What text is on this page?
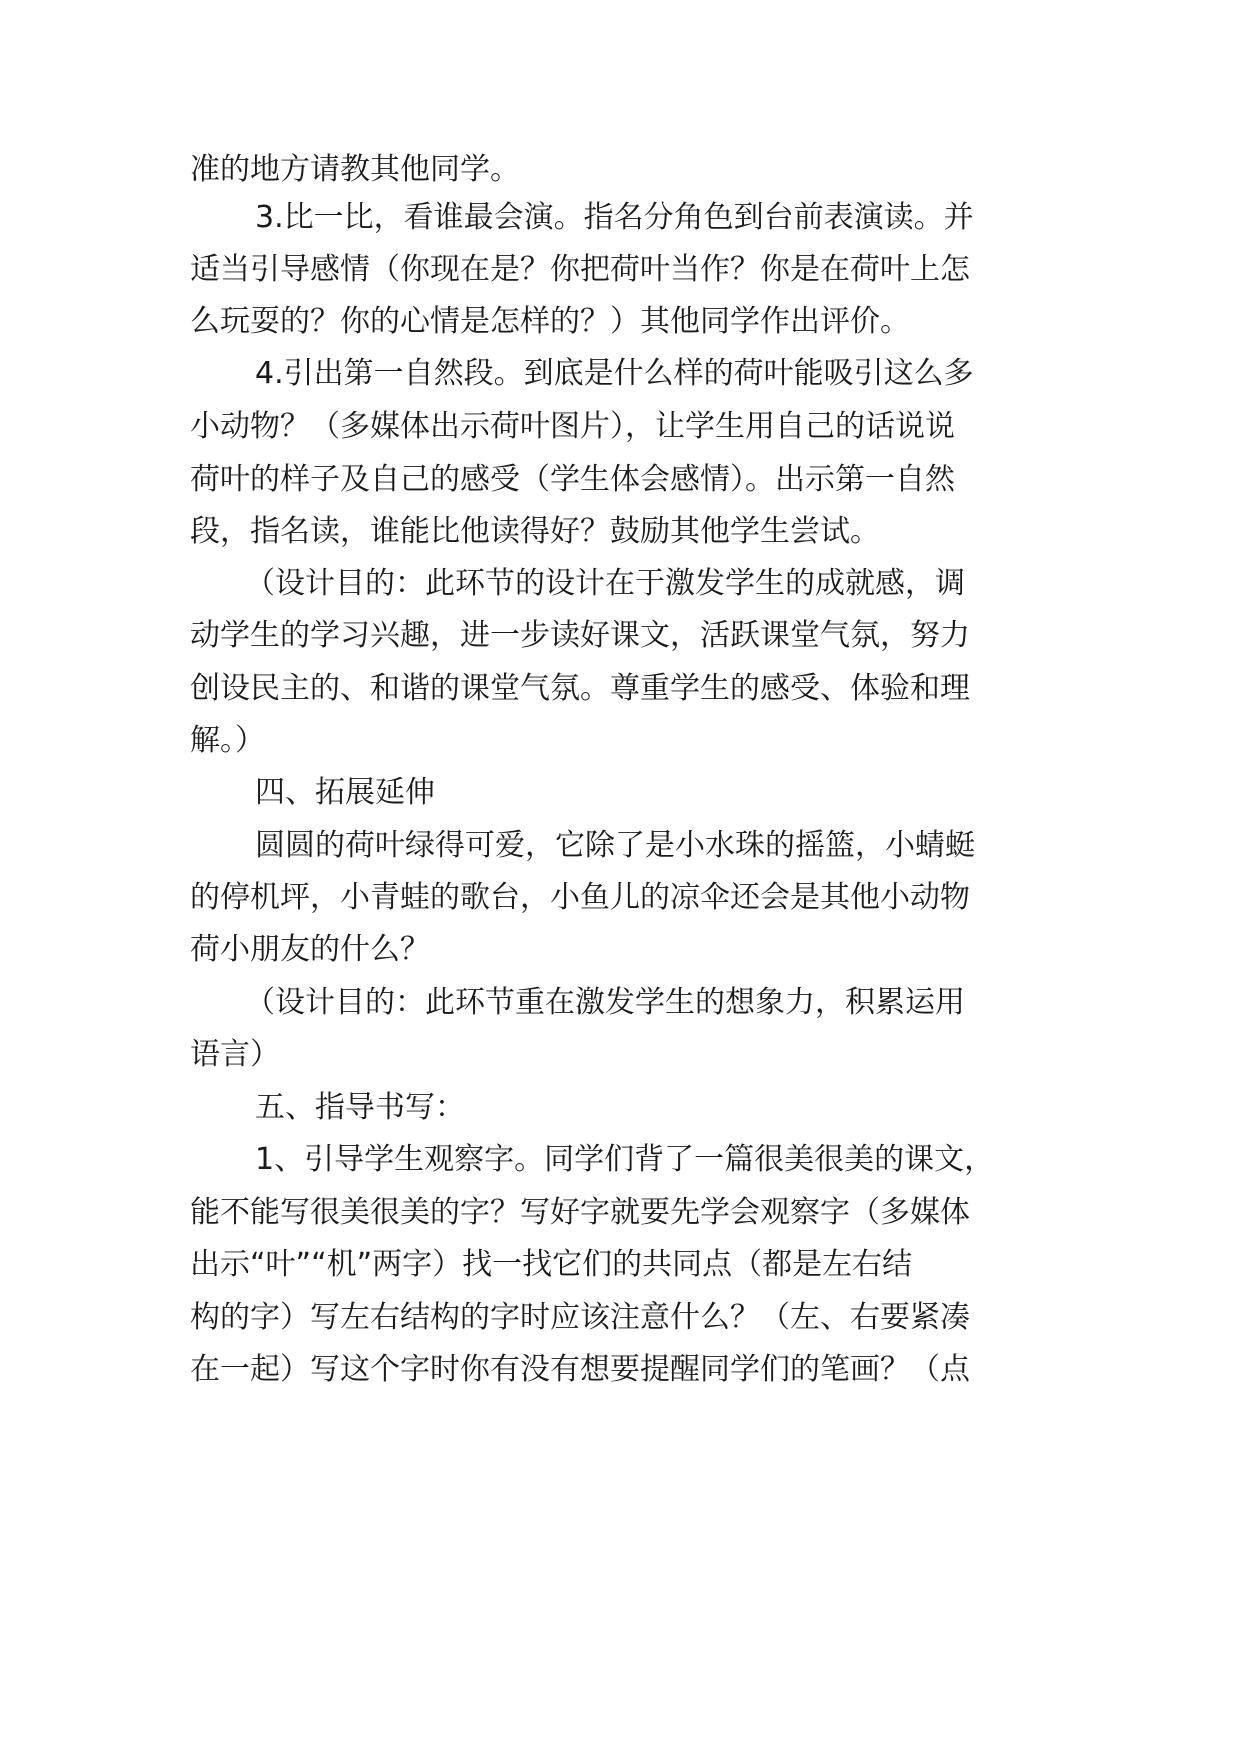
准的地方请教其他同学。
3.比一比，看谁最会演。指名分角色到台前表演读。并
适当引导感情（你现在是？你把荷叶当作？你是在荷叶上怎
么玩耍的？你的心情是怎样的？）其他同学作出评价。
4.引出第一自然段。到底是什么样的荷叶能吸引这么多
小动物？（多媒体出示荷叶图片），让学生用自己的话说说
荷叶的样子及自己的感受（学生体会感情）。出示第一自然
段，指名读，谁能比他读得好？鼓励其他学生尝试。
（设计目的：此环节的设计在于激发学生的成就感，调
动学生的学习兴趣，进一步读好课文，活跃课堂气氛，努力
创设民主的、和谐的课堂气氛。尊重学生的感受、体验和理
解。）
四、拓展延伸
圆圆的荷叶绿得可爱，它除了是小水珠的摇篮，小蜻蜓
的停机坪，小青蛙的歌台，小鱼儿的凉伞还会是其他小动物
荷小朋友的什么？
（设计目的：此环节重在激发学生的想象力，积累运用
语言）
五、指导书写：
1、引导学生观察字。同学们背了一篇很美很美的课文，
能不能写很美很美的字？写好字就要先学会观察字（多媒体
出示“叶”“机”两字）找一找它们的共同点（都是左右结
构的字）写左右结构的字时应该注意什么？（左、右要紧凑
在一起）写这个字时你有没有想要提醒同学们的笔画？（点
